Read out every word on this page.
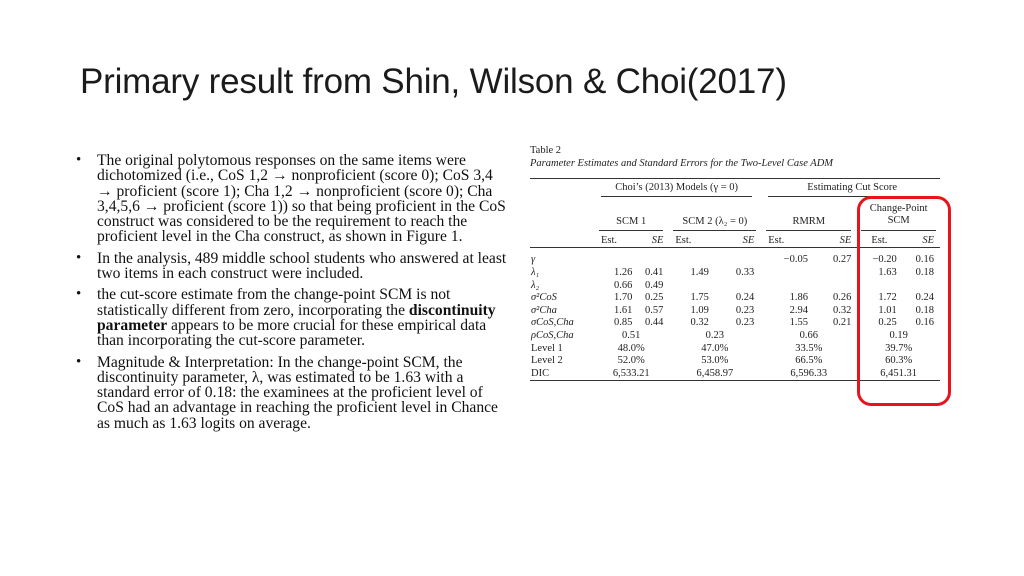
Primary result from Shin, Wilson & Choi(2017)
• The original polytomous responses on the same items were dichotomized (i.e., CoS 1,2 → nonproficient (score 0); CoS 3,4 → proficient (score 1); Cha 1,2 → nonproficient (score 0); Cha 3,4,5,6 → proficient (score 1)) so that being proficient in the CoS construct was considered to be the requirement to reach the proficient level in the Cha construct, as shown in Figure 1.
• In the analysis, 489 middle school students who answered at least two items in each construct were included.
• the cut-score estimate from the change-point SCM is not statistically different from zero, incorporating the discontinuity parameter appears to be more crucial for these empirical data than incorporating the cut-score parameter.
• Magnitude & Interpretation: In the change-point SCM, the discontinuity parameter, λ, was estimated to be 1.63 with a standard error of 0.18: the examinees at the proficient level of CoS had an advantage in reaching the proficient level in Chance as much as 1.63 logits on average.
Table 2
Parameter Estimates and Standard Errors for the Two-Level Case ADM

	Choi’s (2013) Models (γ = 0)				Estimating Cut Score			

	SCM 1		SCM 2 (λ₂ = 0)		RMRM		Change-Point SCM	

	Est.	SE	Est.	SE	Est.	SE	Est.	SE

γ					−0.05	0.27	−0.20	0.16
λ₁	1.26	0.41	1.49	0.33			1.63	0.18
λ₂	0.66	0.49						
σ²CoS	1.70	0.25	1.75	0.24	1.86	0.26	1.72	0.24
σ²Cha	1.61	0.57	1.09	0.23	2.94	0.32	1.01	0.18
σCoS,Cha	0.85	0.44	0.32	0.23	1.55	0.21	0.25	0.16
ρCoS,Cha	0.51		0.23		0.66		0.19	
Level 1	48.0%		47.0%		33.5%		39.7%	
Level 2	52.0%		53.0%		66.5%		60.3%	
DIC	6,533.21		6,458.97		6,596.33		6,451.31	
